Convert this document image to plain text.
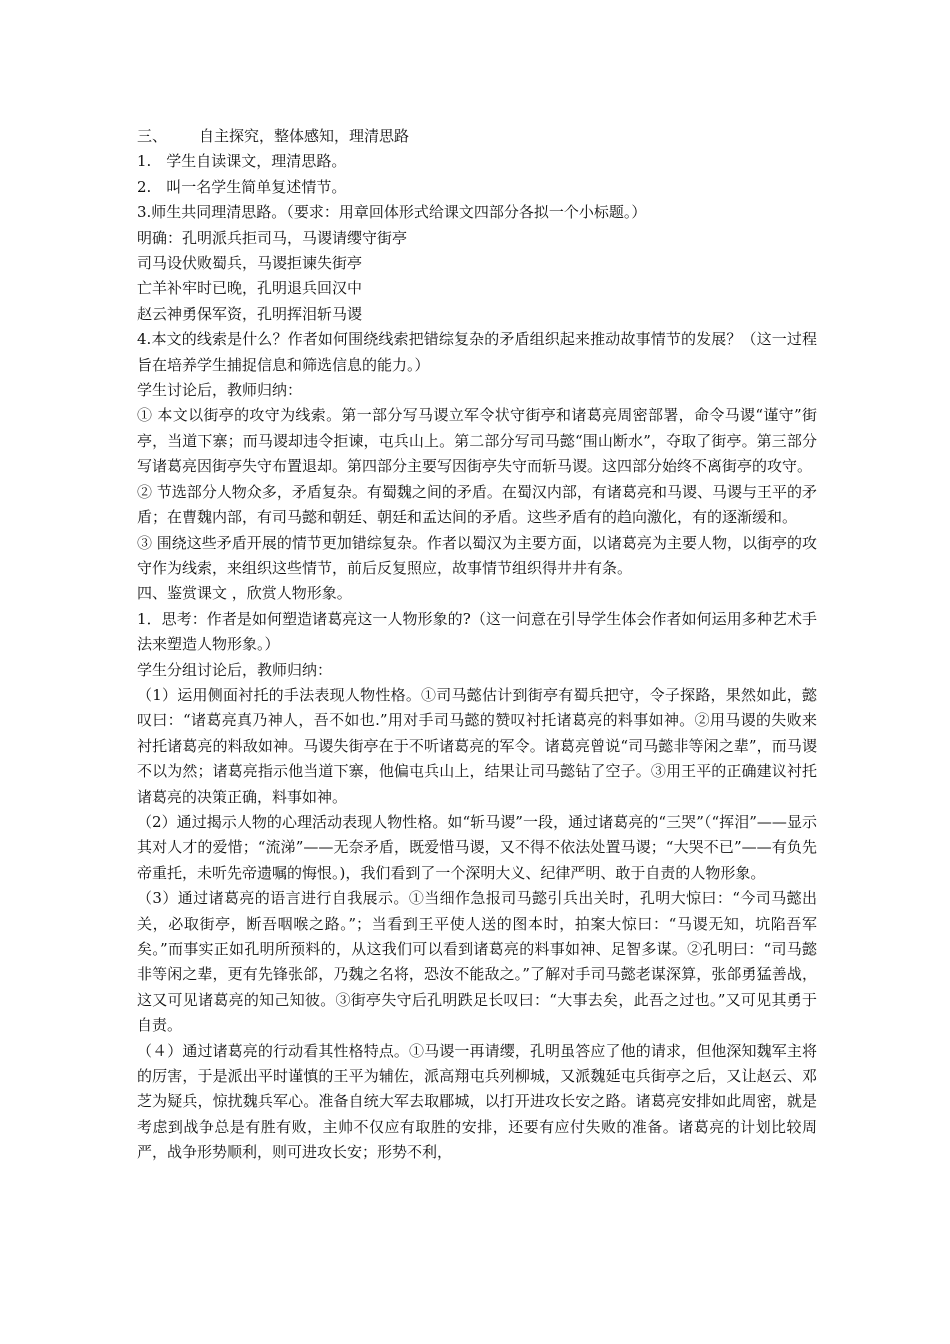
三、 自主探究，整体感知，理清思路
1.　学生自读课文，理清思路。
2.　叫一名学生简单复述情节。
3.师生共同理清思路。（要求：用章回体形式给课文四部分各拟一个小标题。）
明确：孔明派兵拒司马，马谡请缨守街亭
司马设伏败蜀兵，马谡拒谏失街亭
亡羊补牢时已晚，孔明退兵回汉中
赵云神勇保军资，孔明挥泪斩马谡
4.本文的线索是什么？作者如何围绕线索把错综复杂的矛盾组织起来推动故事情节的发展？（这一过程旨在培养学生捕捉信息和筛选信息的能力。）
学生讨论后，教师归纳：
① 本文以街亭的攻守为线索。第一部分写马谡立军令状守街亭和诸葛亮周密部署，命令马谡“谨守”街亭，当道下寨；而马谡却违令拒谏，屯兵山上。第二部分写司马懿“围山断水”，夺取了街亭。第三部分写诸葛亮因街亭失守布置退却。第四部分主要写因街亭失守而斩马谡。这四部分始终不离街亭的攻守。
② 节选部分人物众多，矛盾复杂。有蜀魏之间的矛盾。在蜀汉内部，有诸葛亮和马谡、马谡与王平的矛盾；在曹魏内部，有司马懿和朝廷、朝廷和孟达间的矛盾。这些矛盾有的趋向激化，有的逐渐缓和。
③ 围绕这些矛盾开展的情节更加错综复杂。作者以蜀汉为主要方面，以诸葛亮为主要人物，以街亭的攻守作为线索，来组织这些情节，前后反复照应，故事情节组织得井井有条。
四、鉴赏课文 ，欣赏人物形象。
1．思考：作者是如何塑造诸葛亮这一人物形象的?（这一问意在引导学生体会作者如何运用多种艺术手法来塑造人物形象。）
学生分组讨论后，教师归纳：
（1）运用侧面衬托的手法表现人物性格。①司马懿估计到街亭有蜀兵把守，令子探路，果然如此，懿叹曰：“诸葛亮真乃神人，吾不如也.”用对手司马懿的赞叹衬托诸葛亮的料事如神。②用马谡的失败来衬托诸葛亮的料敌如神。马谡失街亭在于不听诸葛亮的军令。诸葛亮曾说“司马懿非等闲之辈”，而马谡不以为然；诸葛亮指示他当道下寨，他偏屯兵山上，结果让司马懿钻了空子。③用王平的正确建议衬托诸葛亮的决策正确，料事如神。
（2）通过揭示人物的心理活动表现人物性格。如“斩马谡”一段，通过诸葛亮的“三哭”（“挥泪”——显示其对人才的爱惜；“流涕”——无奈矛盾，既爱惜马谡，又不得不依法处置马谡；“大哭不已”——有负先帝重托，未听先帝遗嘱的悔恨。)，我们看到了一个深明大义、纪律严明、敢于自责的人物形象。
（3）通过诸葛亮的语言进行自我展示。①当细作急报司马懿引兵出关时，孔明大惊曰：“今司马懿出关，必取街亭，断吾咽喉之路。”；当看到王平使人送的图本时，拍案大惊曰：“马谡无知，坑陷吾军矣。”而事实正如孔明所预料的，从这我们可以看到诸葛亮的料事如神、足智多谋。②孔明曰：“司马懿非等闲之辈，更有先锋张郃，乃魏之名将，恐汝不能敌之。”了解对手司马懿老谋深算，张郃勇猛善战，这又可见诸葛亮的知己知彼。③街亭失守后孔明跌足长叹曰：“大事去矣，此吾之过也。”又可见其勇于自责。
（４）通过诸葛亮的行动看其性格特点。①马谡一再请缨，孔明虽答应了他的请求，但他深知魏军主将的厉害，于是派出平时谨慎的王平为辅佐，派高翔屯兵列柳城，又派魏延屯兵街亭之后，又让赵云、邓芝为疑兵，惊扰魏兵军心。准备自统大军去取郿城，以打开进攻长安之路。诸葛亮安排如此周密，就是考虑到战争总是有胜有败，主帅不仅应有取胜的安排，还要有应付失败的准备。诸葛亮的计划比较周严，战争形势顺利，则可进攻长安；形势不利，
